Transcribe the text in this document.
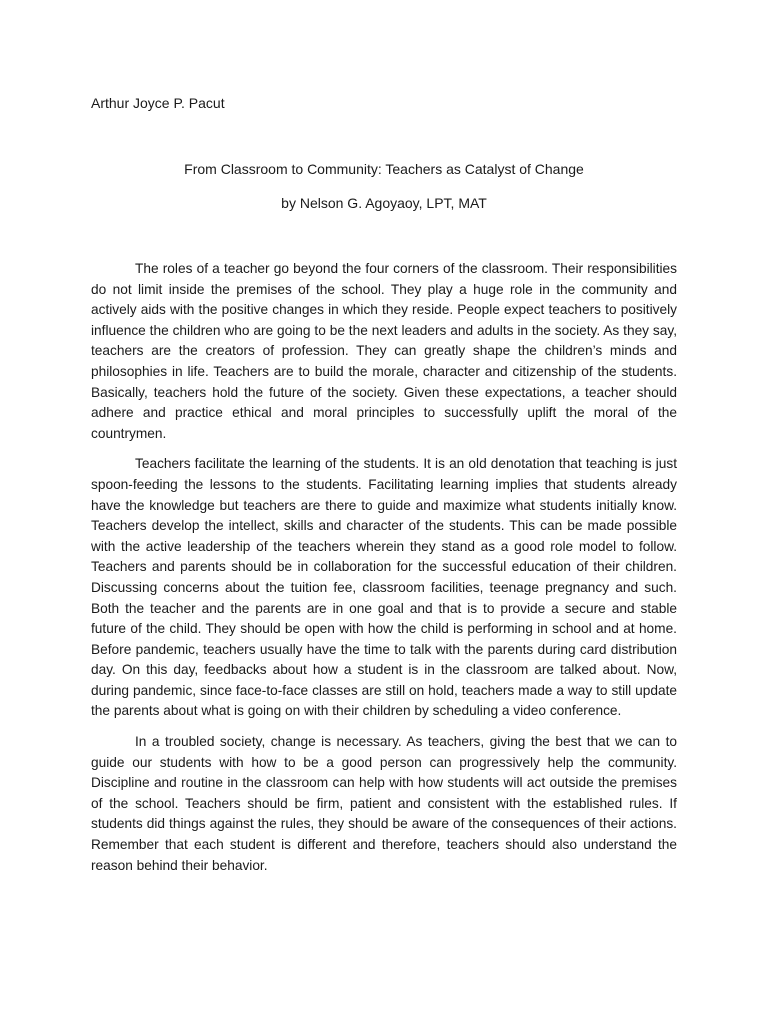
Arthur Joyce P. Pacut

From Classroom to Community: Teachers as Catalyst of Change

by Nelson G. Agoyaoy, LPT, MAT

The roles of a teacher go beyond the four corners of the classroom. Their responsibilities do not limit inside the premises of the school. They play a huge role in the community and actively aids with the positive changes in which they reside. People expect teachers to positively influence the children who are going to be the next leaders and adults in the society. As they say, teachers are the creators of profession. They can greatly shape the children’s minds and philosophies in life. Teachers are to build the morale, character and citizenship of the students. Basically, teachers hold the future of the society. Given these expectations, a teacher should adhere and practice ethical and moral principles to successfully uplift the moral of the countrymen.

Teachers facilitate the learning of the students. It is an old denotation that teaching is just spoon-feeding the lessons to the students. Facilitating learning implies that students already have the knowledge but teachers are there to guide and maximize what students initially know. Teachers develop the intellect, skills and character of the students. This can be made possible with the active leadership of the teachers wherein they stand as a good role model to follow. Teachers and parents should be in collaboration for the successful education of their children. Discussing concerns about the tuition fee, classroom facilities, teenage pregnancy and such. Both the teacher and the parents are in one goal and that is to provide a secure and stable future of the child. They should be open with how the child is performing in school and at home. Before pandemic, teachers usually have the time to talk with the parents during card distribution day. On this day, feedbacks about how a student is in the classroom are talked about. Now, during pandemic, since face-to-face classes are still on hold, teachers made a way to still update the parents about what is going on with their children by scheduling a video conference.

In a troubled society, change is necessary. As teachers, giving the best that we can to guide our students with how to be a good person can progressively help the community. Discipline and routine in the classroom can help with how students will act outside the premises of the school. Teachers should be firm, patient and consistent with the established rules. If students did things against the rules, they should be aware of the consequences of their actions. Remember that each student is different and therefore, teachers should also understand the reason behind their behavior.
